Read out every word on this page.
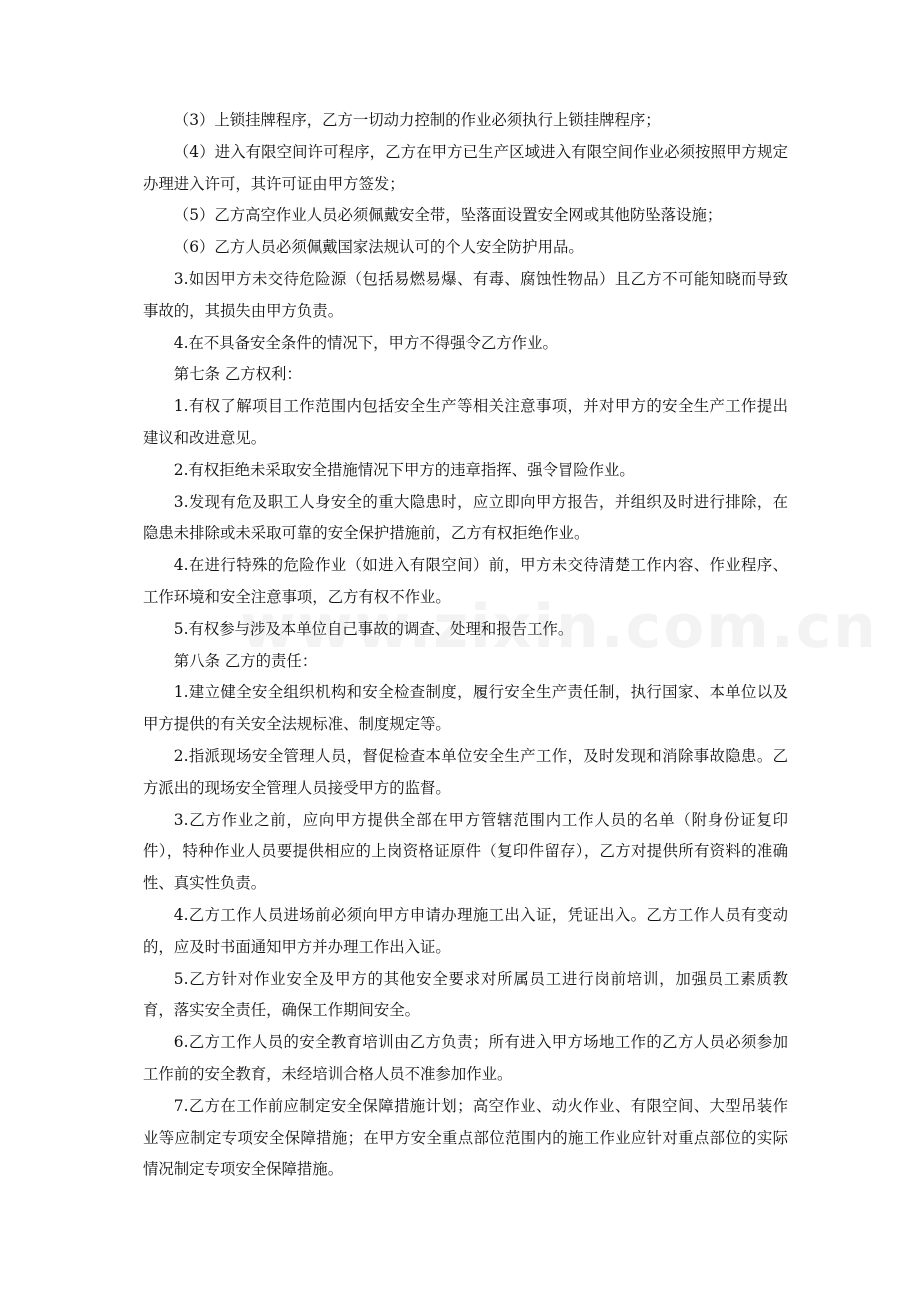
（3）上锁挂牌程序，乙方一切动力控制的作业必须执行上锁挂牌程序；

（4）进入有限空间许可程序，乙方在甲方已生产区域进入有限空间作业必须按照甲方规定办理进入许可，其许可证由甲方签发；

（5）乙方高空作业人员必须佩戴安全带，坠落面设置安全网或其他防坠落设施；

（6）乙方人员必须佩戴国家法规认可的个人安全防护用品。

3.如因甲方未交待危险源（包括易燃易爆、有毒、腐蚀性物品）且乙方不可能知晓而导致事故的，其损失由甲方负责。

4.在不具备安全条件的情况下，甲方不得强令乙方作业。

第七条 乙方权利：

1.有权了解项目工作范围内包括安全生产等相关注意事项，并对甲方的安全生产工作提出建议和改进意见。

2.有权拒绝未采取安全措施情况下甲方的违章指挥、强令冒险作业。

3.发现有危及职工人身安全的重大隐患时，应立即向甲方报告，并组织及时进行排除，在隐患未排除或未采取可靠的安全保护措施前，乙方有权拒绝作业。

4.在进行特殊的危险作业（如进入有限空间）前，甲方未交待清楚工作内容、作业程序、工作环境和安全注意事项，乙方有权不作业。

5.有权参与涉及本单位自己事故的调查、处理和报告工作。

第八条 乙方的责任：

1.建立健全安全组织机构和安全检查制度，履行安全生产责任制，执行国家、本单位以及甲方提供的有关安全法规标准、制度规定等。

2.指派现场安全管理人员，督促检查本单位安全生产工作，及时发现和消除事故隐患。乙方派出的现场安全管理人员接受甲方的监督。

3.乙方作业之前，应向甲方提供全部在甲方管辖范围内工作人员的名单（附身份证复印件），特种作业人员要提供相应的上岗资格证原件（复印件留存），乙方对提供所有资料的准确性、真实性负责。

4.乙方工作人员进场前必须向甲方申请办理施工出入证，凭证出入。乙方工作人员有变动的，应及时书面通知甲方并办理工作出入证。

5.乙方针对作业安全及甲方的其他安全要求对所属员工进行岗前培训，加强员工素质教育，落实安全责任，确保工作期间安全。

6.乙方工作人员的安全教育培训由乙方负责；所有进入甲方场地工作的乙方人员必须参加工作前的安全教育，未经培训合格人员不准参加作业。

7.乙方在工作前应制定安全保障措施计划；高空作业、动火作业、有限空间、大型吊装作业等应制定专项安全保障措施；在甲方安全重点部位范围内的施工作业应针对重点部位的实际情况制定专项安全保障措施。
